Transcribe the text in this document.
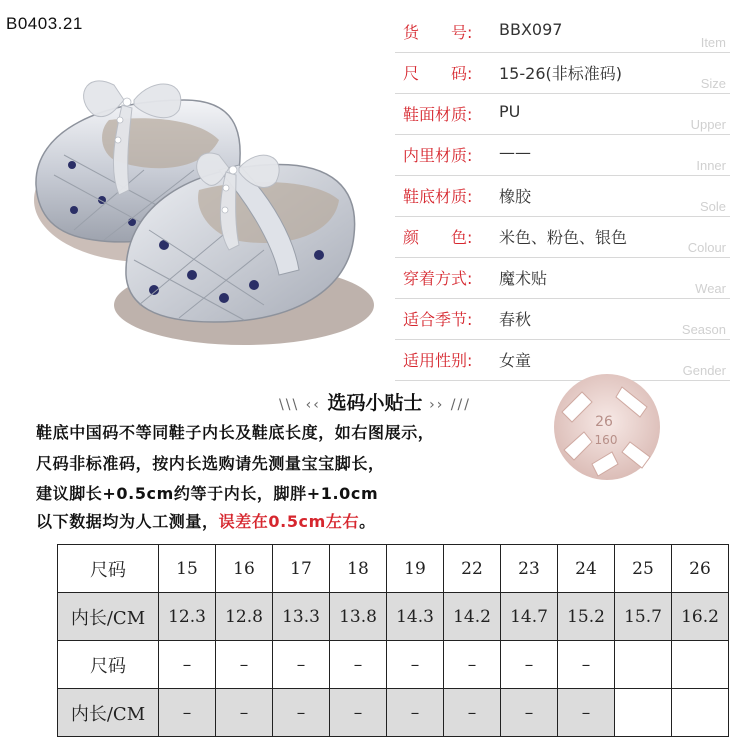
B0403.21	货　　号: BBX097
Item
尺　　码: 15-26(非标准码)
Size
鞋面材质: PU
Upper
内里材质: ——
Inner
鞋底材质: 橡胶
Sole
颜　　色: 米色、粉色、银色
Colour
穿着方式: 魔术贴
Wear
适合季节: 春秋
Season
适用性别: 女童
Gender
\\\ ‹‹ 选码小贴士 ›› ///
鞋底中国码不等同鞋子内长及鞋底长度，如右图展示，
尺码非标准码，按内长选购请先测量宝宝脚长，
建议脚长+0.5cm约等于内长，脚胖+1.0cm
以下数据均为人工测量，误差在0.5cm左右。
26
160
尺码	15	16	17	18	19	22	23	24	25	26
内长/CM	12.3	12.8	13.3	13.8	14.3	14.2	14.7	15.2	15.7	16.2
尺码	–	–	–	–	–	–	–	–		
内长/CM	–	–	–	–	–	–	–	–		
